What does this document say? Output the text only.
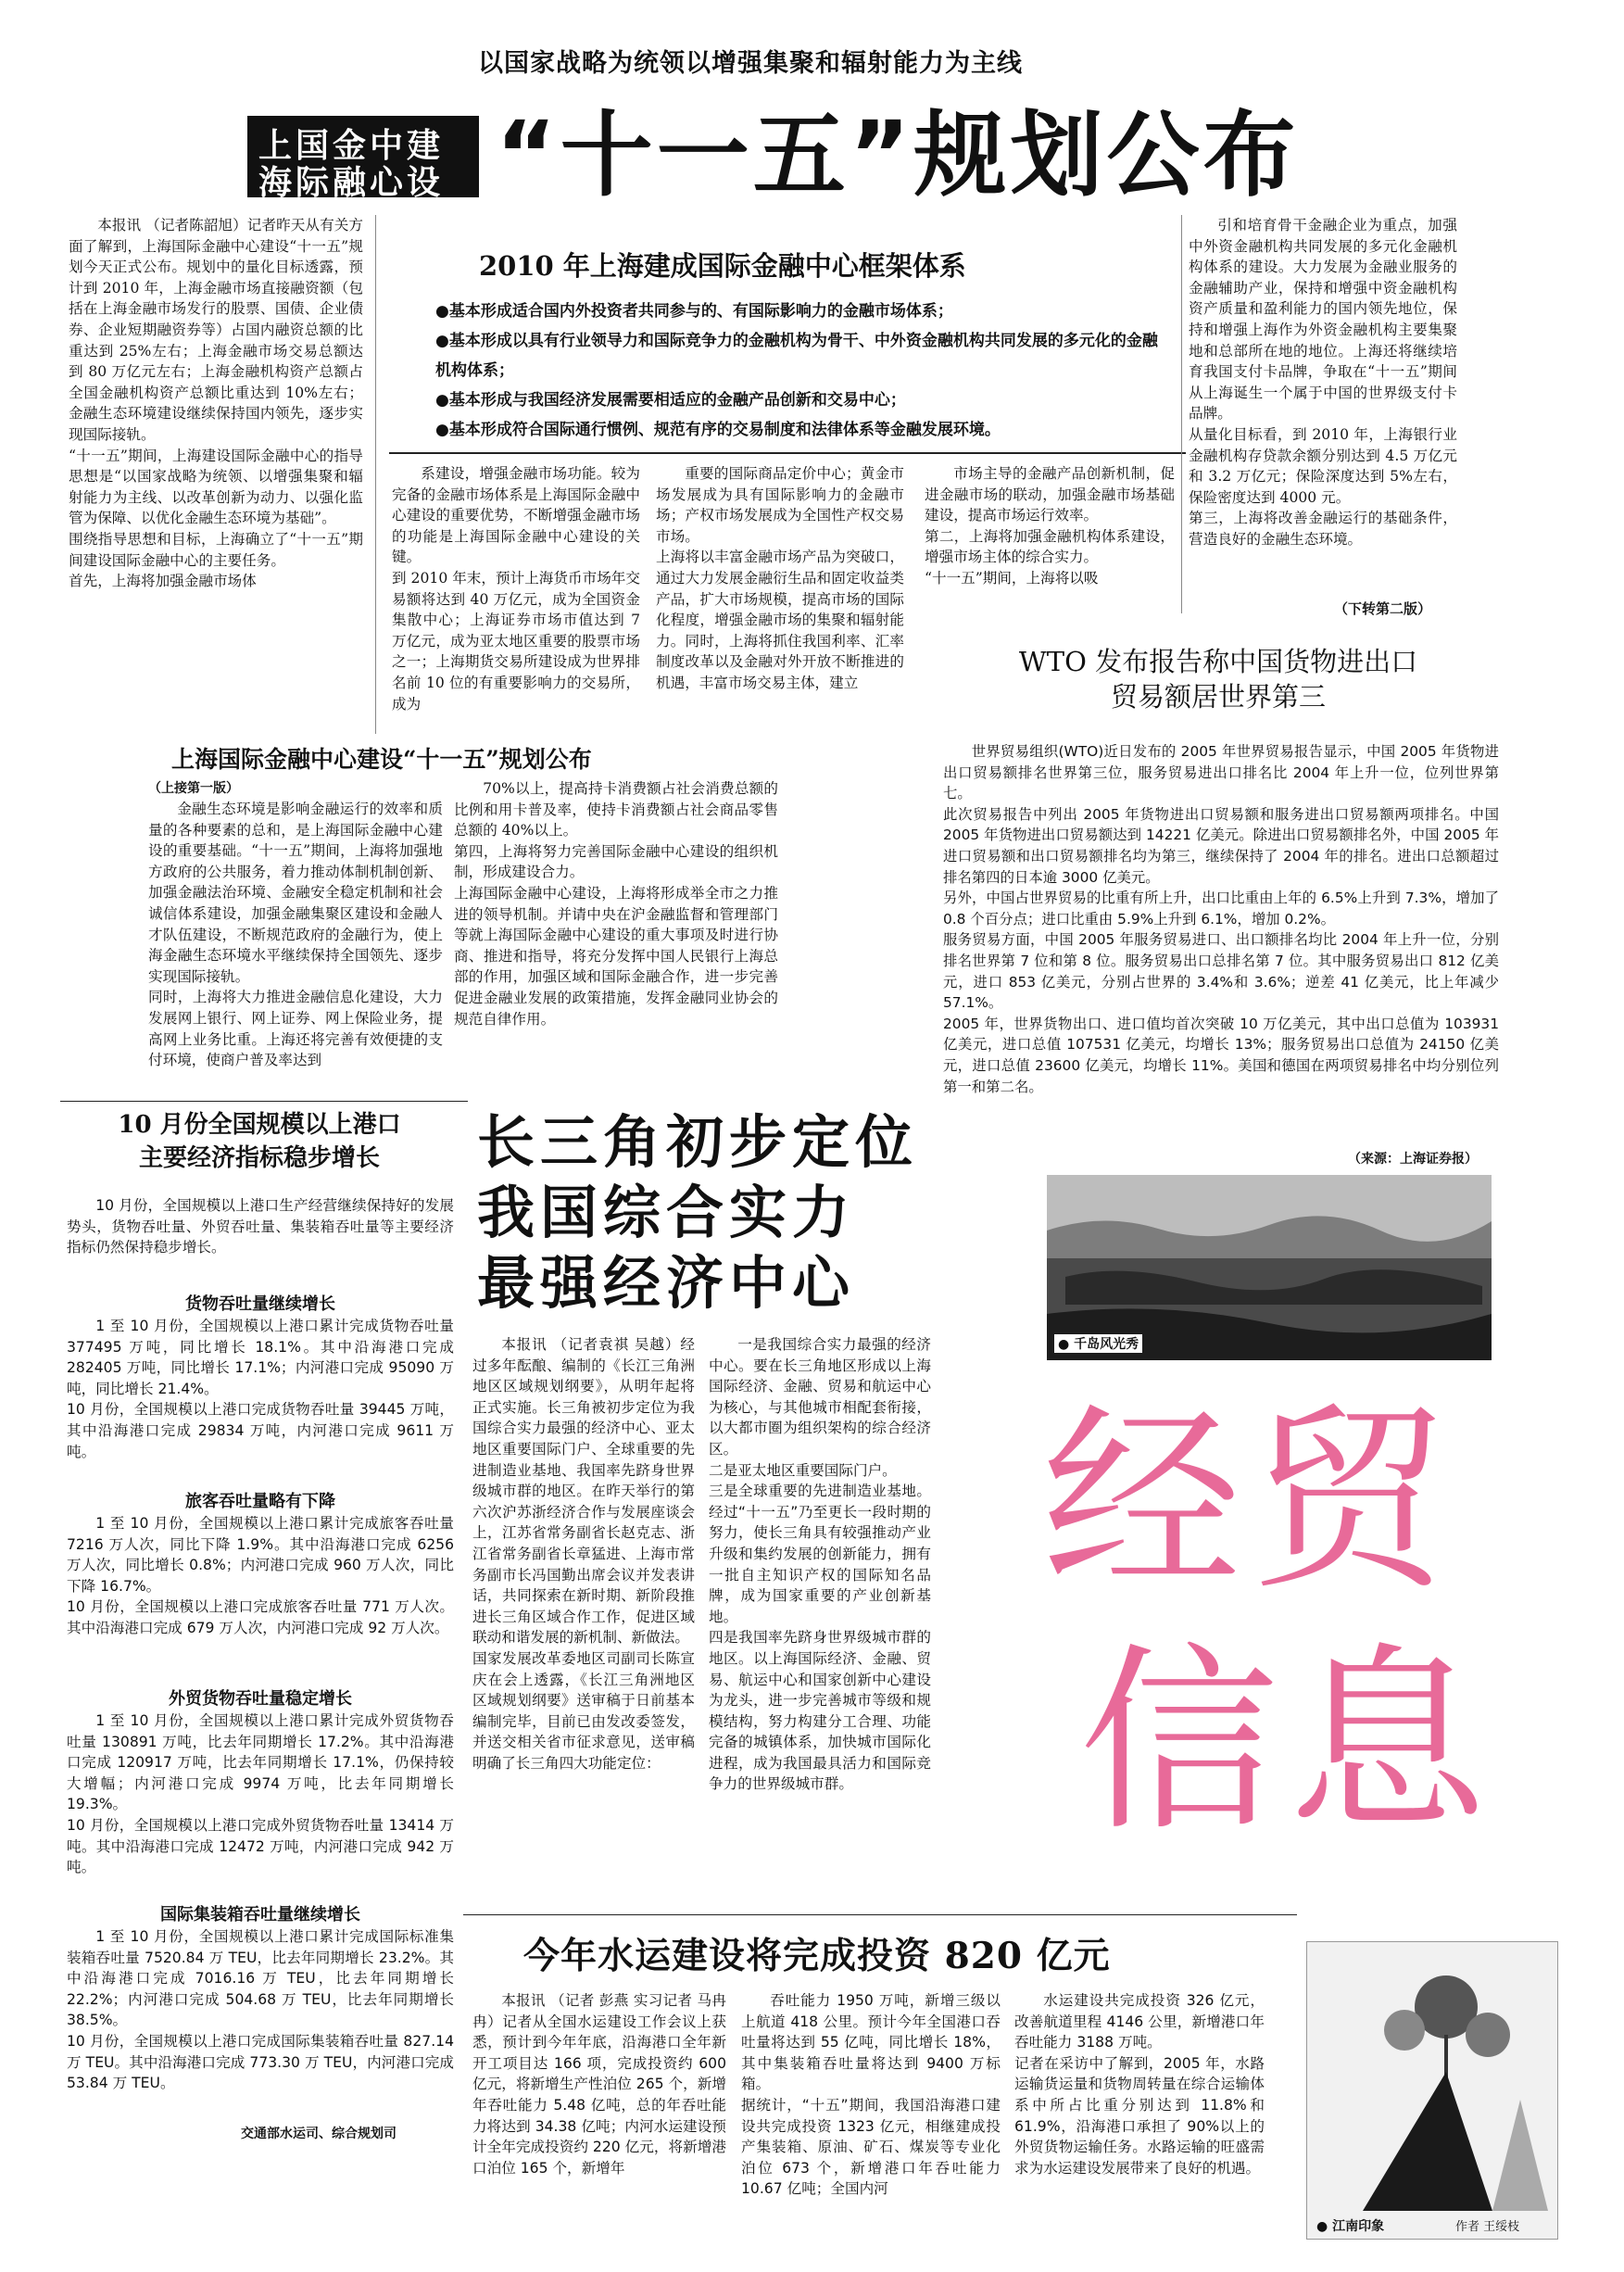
以国家战略为统领以增强集聚和辐射能力为主线
上国金中建
海际融心设 “十一五”规划公布
本报讯 （记者陈韶旭）记者昨天从有关方面了解到，上海国际金融中心建设“十一五”规划今天正式公布。规划中的量化目标透露，预计到 2010 年，上海金融市场直接融资额（包括在上海金融市场发行的股票、国债、企业债券、企业短期融资券等）占国内融资总额的比重达到 25%左右；上海金融市场交易总额达到 80 万亿元左右；上海金融机构资产总额占全国金融机构资产总额比重达到 10%左右；金融生态环境建设继续保持国内领先，逐步实现国际接轨。
“十一五”期间，上海建设国际金融中心的指导思想是“以国家战略为统领、以增强集聚和辐射能力为主线、以改革创新为动力、以强化监管为保障、以优化金融生态环境为基础”。
围绕指导思想和目标，上海确立了“十一五”期间建设国际金融中心的主要任务。
首先，上海将加强金融市场体
2010 年上海建成国际金融中心框架体系
●基本形成适合国内外投资者共同参与的、有国际影响力的金融市场体系；
●基本形成以具有行业领导力和国际竞争力的金融机构为骨干、中外资金融机构共同发展的多元化的金融机构体系；
●基本形成与我国经济发展需要相适应的金融产品创新和交易中心；
●基本形成符合国际通行惯例、规范有序的交易制度和法律体系等金融发展环境。
系建设，增强金融市场功能。较为完备的金融市场体系是上海国际金融中心建设的重要优势，不断增强金融市场的功能是上海国际金融中心建设的关键。
到 2010 年末，预计上海货币市场年交易额将达到 40 万亿元，成为全国资金集散中心；上海证券市场市值达到 7 万亿元，成为亚太地区重要的股票市场之一；上海期货交易所建设成为世界排名前 10 位的有重要影响力的交易所，成为
重要的国际商品定价中心；黄金市场发展成为具有国际影响力的金融市场；产权市场发展成为全国性产权交易市场。
上海将以丰富金融市场产品为突破口，通过大力发展金融衍生品和固定收益类产品，扩大市场规模，提高市场的国际化程度，增强金融市场的集聚和辐射能力。同时，上海将抓住我国利率、汇率制度改革以及金融对外开放不断推进的机遇，丰富市场交易主体，建立
市场主导的金融产品创新机制，促进金融市场的联动，加强金融市场基础建设，提高市场运行效率。
第二，上海将加强金融机构体系建设，增强市场主体的综合实力。
“十一五”期间，上海将以吸
引和培育骨干金融企业为重点，加强中外资金融机构共同发展的多元化金融机构体系的建设。大力发展为金融业服务的金融辅助产业，保持和增强中资金融机构资产质量和盈利能力的国内领先地位，保持和增强上海作为外资金融机构主要集聚地和总部所在地的地位。上海还将继续培育我国支付卡品牌，争取在“十一五”期间从上海诞生一个属于中国的世界级支付卡品牌。
从量化目标看，到 2010 年，上海银行业金融机构存贷款余额分别达到 4.5 万亿元和 3.2 万亿元；保险深度达到 5%左右，保险密度达到 4000 元。
第三，上海将改善金融运行的基础条件，营造良好的金融生态环境。
（下转第二版）
上海国际金融中心建设“十一五”规划公布
（上接第一版）
金融生态环境是影响金融运行的效率和质量的各种要素的总和，是上海国际金融中心建设的重要基础。“十一五”期间，上海将加强地方政府的公共服务，着力推动体制机制创新、加强金融法治环境、金融安全稳定机制和社会诚信体系建设，加强金融集聚区建设和金融人才队伍建设，不断规范政府的金融行为，使上海金融生态环境水平继续保持全国领先、逐步实现国际接轨。
同时，上海将大力推进金融信息化建设，大力发展网上银行、网上证券、网上保险业务，提高网上业务比重。上海还将完善有效便捷的支付环境，使商户普及率达到
70%以上，提高持卡消费额占社会消费总额的比例和用卡普及率，使持卡消费额占社会商品零售总额的 40%以上。
第四，上海将努力完善国际金融中心建设的组织机制，形成建设合力。
上海国际金融中心建设，上海将形成举全市之力推进的领导机制。并请中央在沪金融监督和管理部门等就上海国际金融中心建设的重大事项及时进行协商、推进和指导，将充分发挥中国人民银行上海总部的作用，加强区域和国际金融合作，进一步完善促进金融业发展的政策措施，发挥金融同业协会的规范自律作用。
WTO 发布报告称中国货物进出口
贸易额居世界第三
世界贸易组织(WTO)近日发布的 2005 年世界贸易报告显示，中国 2005 年货物进出口贸易额排名世界第三位，服务贸易进出口排名比 2004 年上升一位，位列世界第七。
此次贸易报告中列出 2005 年货物进出口贸易额和服务进出口贸易额两项排名。中国 2005 年货物进出口贸易额达到 14221 亿美元。除进出口贸易额排名外，中国 2005 年进口贸易额和出口贸易额排名均为第三，继续保持了 2004 年的排名。进出口总额超过排名第四的日本逾 3000 亿美元。
另外，中国占世界贸易的比重有所上升，出口比重由上年的 6.5%上升到 7.3%，增加了 0.8 个百分点；进口比重由 5.9%上升到 6.1%，增加 0.2%。
服务贸易方面，中国 2005 年服务贸易进口、出口额排名均比 2004 年上升一位，分别排名世界第 7 位和第 8 位。服务贸易出口总排名第 7 位。其中服务贸易出口 812 亿美元，进口 853 亿美元，分别占世界的 3.4%和 3.6%；逆差 41 亿美元，比上年减少 57.1%。
2005 年，世界货物出口、进口值均首次突破 10 万亿美元，其中出口总值为 103931 亿美元，进口总值 107531 亿美元，均增长 13%；服务贸易出口总值为 24150 亿美元，进口总值 23600 亿美元，均增长 11%。美国和德国在两项贸易排名中均分别位列第一和第二名。
（来源：上海证券报）
10 月份全国规模以上港口
主要经济指标稳步增长
10 月份，全国规模以上港口生产经营继续保持好的发展势头，货物吞吐量、外贸吞吐量、集装箱吞吐量等主要经济指标仍然保持稳步增长。
货物吞吐量继续增长
1 至 10 月份，全国规模以上港口累计完成货物吞吐量 377495 万吨，同比增长 18.1%。其中沿海港口完成 282405 万吨，同比增长 17.1%；内河港口完成 95090 万吨，同比增长 21.4%。
10 月份，全国规模以上港口完成货物吞吐量 39445 万吨，其中沿海港口完成 29834 万吨，内河港口完成 9611 万吨。
旅客吞吐量略有下降
1 至 10 月份，全国规模以上港口累计完成旅客吞吐量 7216 万人次，同比下降 1.9%。其中沿海港口完成 6256 万人次，同比增长 0.8%；内河港口完成 960 万人次，同比下降 16.7%。
10 月份，全国规模以上港口完成旅客吞吐量 771 万人次。其中沿海港口完成 679 万人次，内河港口完成 92 万人次。
外贸货物吞吐量稳定增长
1 至 10 月份，全国规模以上港口累计完成外贸货物吞吐量 130891 万吨，比去年同期增长 17.2%。其中沿海港口完成 120917 万吨，比去年同期增长 17.1%，仍保持较大增幅；内河港口完成 9974 万吨，比去年同期增长 19.3%。
10 月份，全国规模以上港口完成外贸货物吞吐量 13414 万吨。其中沿海港口完成 12472 万吨，内河港口完成 942 万吨。
国际集装箱吞吐量继续增长
1 至 10 月份，全国规模以上港口累计完成国际标准集装箱吞吐量 7520.84 万 TEU，比去年同期增长 23.2%。其中沿海港口完成 7016.16 万 TEU，比去年同期增长 22.2%；内河港口完成 504.68 万 TEU，比去年同期增长 38.5%。
10 月份，全国规模以上港口完成国际集装箱吞吐量 827.14 万 TEU。其中沿海港口完成 773.30 万 TEU，内河港口完成 53.84 万 TEU。
交通部水运司、综合规划司
长三角初步定位
我国综合实力
最强经济中心
本报讯 （记者袁祺 吴越）经过多年酝酿、编制的《长江三角洲地区区域规划纲要》，从明年起将正式实施。长三角被初步定位为我国综合实力最强的经济中心、亚太地区重要国际门户、全球重要的先进制造业基地、我国率先跻身世界级城市群的地区。在昨天举行的第六次沪苏浙经济合作与发展座谈会上，江苏省常务副省长赵克志、浙江省常务副省长章猛进、上海市常务副市长冯国勤出席会议并发表讲话，共同探索在新时期、新阶段推进长三角区域合作工作，促进区域联动和谐发展的新机制、新做法。
国家发展改革委地区司副司长陈宣庆在会上透露，《长江三角洲地区区域规划纲要》送审稿于日前基本编制完毕，目前已由发改委签发，并送交相关省市征求意见，送审稿明确了长三角四大功能定位：
一是我国综合实力最强的经济中心。要在长三角地区形成以上海国际经济、金融、贸易和航运中心为核心，与其他城市相配套衔接，以大都市圈为组织架构的综合经济区。
二是亚太地区重要国际门户。
三是全球重要的先进制造业基地。经过“十一五”乃至更长一段时期的努力，使长三角具有较强推动产业升级和集约发展的创新能力，拥有一批自主知识产权的国际知名品牌，成为国家重要的产业创新基地。
四是我国率先跻身世界级城市群的地区。以上海国际经济、金融、贸易、航运中心和国家创新中心建设为龙头，进一步完善城市等级和规模结构，努力构建分工合理、功能完备的城镇体系，加快城市国际化进程，成为我国最具活力和国际竞争力的世界级城市群。
● 千岛风光秀
经贸
信息
今年水运建设将完成投资 820 亿元
本报讯 （记者 彭燕 实习记者 马冉冉）记者从全国水运建设工作会议上获悉，预计到今年年底，沿海港口全年新开工项目达 166 项，完成投资约 600 亿元，将新增生产性泊位 265 个，新增年吞吐能力 5.48 亿吨，总的年吞吐能力将达到 34.38 亿吨；内河水运建设预计全年完成投资约 220 亿元，将新增港口泊位 165 个，新增年
吞吐能力 1950 万吨，新增三级以上航道 418 公里。预计今年全国港口吞吐量将达到 55 亿吨，同比增长 18%，其中集装箱吞吐量将达到 9400 万标箱。
据统计，“十五”期间，我国沿海港口建设共完成投资 1323 亿元，相继建成投产集装箱、原油、矿石、煤炭等专业化泊位 673 个，新增港口年吞吐能力 10.67 亿吨；全国内河
水运建设共完成投资 326 亿元，改善航道里程 4146 公里，新增港口年吞吐能力 3188 万吨。
记者在采访中了解到，2005 年，水路运输货运量和货物周转量在综合运输体系中所占比重分别达到 11.8%和 61.9%，沿海港口承担了 90%以上的外贸货物运输任务。水路运输的旺盛需求为水运建设发展带来了良好的机遇。
● 江南印象	作者 王绥枝
